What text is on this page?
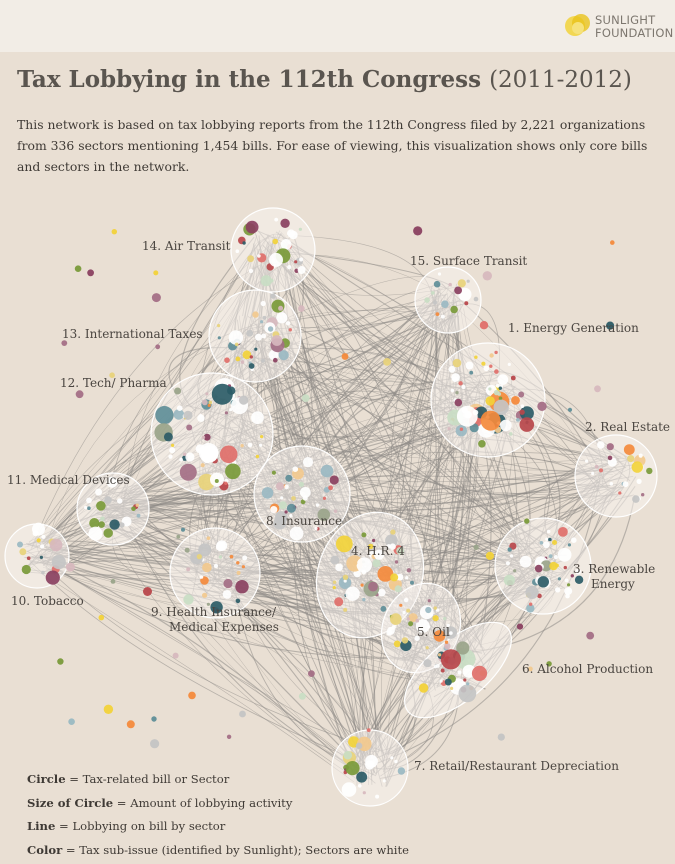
SUNLIGHT
FOUNDATION
Tax Lobbying in the 112th Congress (2011-2012)

This network is based on tax lobbying reports from the 112th Congress filed by 2,221 organizations from 336 sectors mentioning 1,454 bills. For ease of viewing, this visualization shows only core bills and sectors in the network.

1. Energy Generation
2. Real Estate
3. Renewable
Energy
4. H.R. 4
5. Oil
6. Alcohol Production
7. Retail/Restaurant Depreciation
8. Insurance
9. Health Insurance/
Medical Expenses
10. Tobacco
11. Medical Devices
12. Tech/ Pharma
13. International Taxes
14. Air Transit
15. Surface Transit
Circle = Tax-related bill or Sector
Size of Circle = Amount of lobbying activity
Line = Lobbying on bill by sector
Color = Tax sub-issue (identified by Sunlight); Sectors are white
